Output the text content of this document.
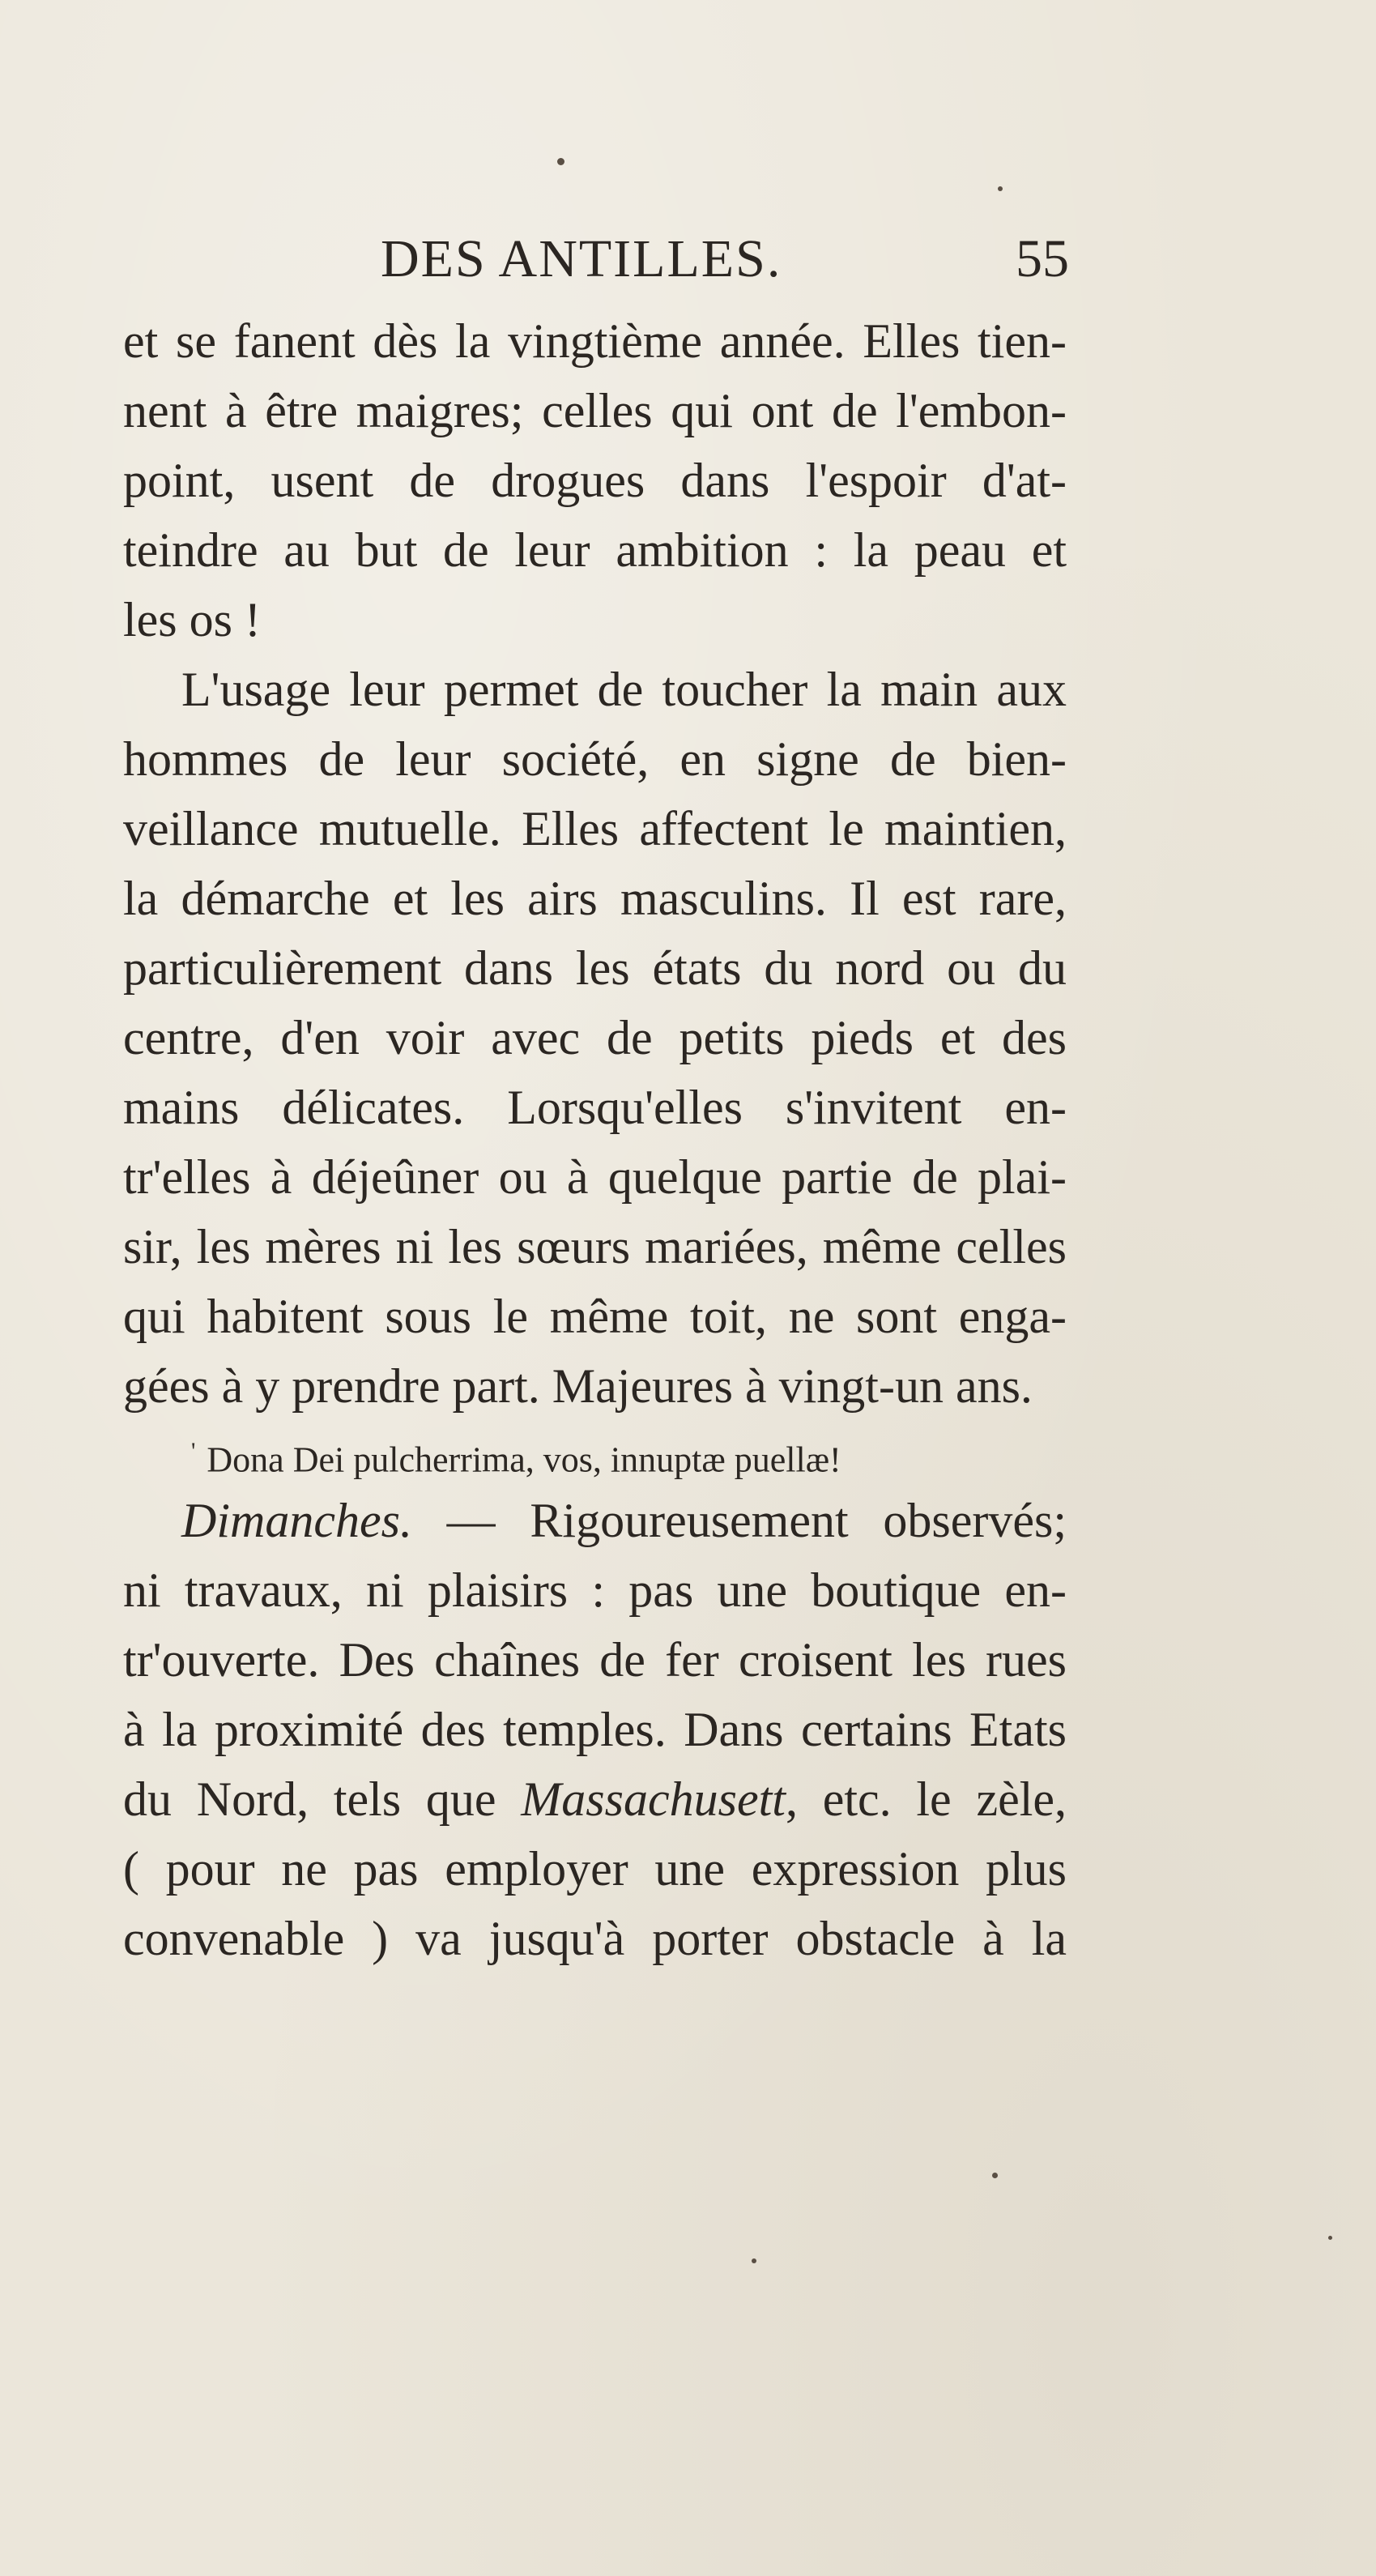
DES ANTILLES.	55
et se fanent dès la vingtième année. Elles tien-
nent à être maigres; celles qui ont de l'embon-
point, usent de drogues dans l'espoir d'at-
teindre au but de leur ambition : la peau et
les os !
L'usage leur permet de toucher la main aux
hommes de leur société, en signe de bien-
veillance mutuelle. Elles affectent le maintien,
la démarche et les airs masculins. Il est rare,
particulièrement dans les états du nord ou du
centre, d'en voir avec de petits pieds et des
mains délicates. Lorsqu'elles s'invitent en-
tr'elles à déjeûner ou à quelque partie de plai-
sir, les mères ni les sœurs mariées, même celles
qui habitent sous le même toit, ne sont enga-
gées à y prendre part. Majeures à vingt-un ans.
' Dona Dei pulcherrima, vos, innuptæ puellæ!
Dimanches. — Rigoureusement observés;
ni travaux, ni plaisirs : pas une boutique en-
tr'ouverte. Des chaînes de fer croisent les rues
à la proximité des temples. Dans certains Etats
du Nord, tels que Massachusett, etc. le zèle,
( pour ne pas employer une expression plus
convenable ) va jusqu'à porter obstacle à la
